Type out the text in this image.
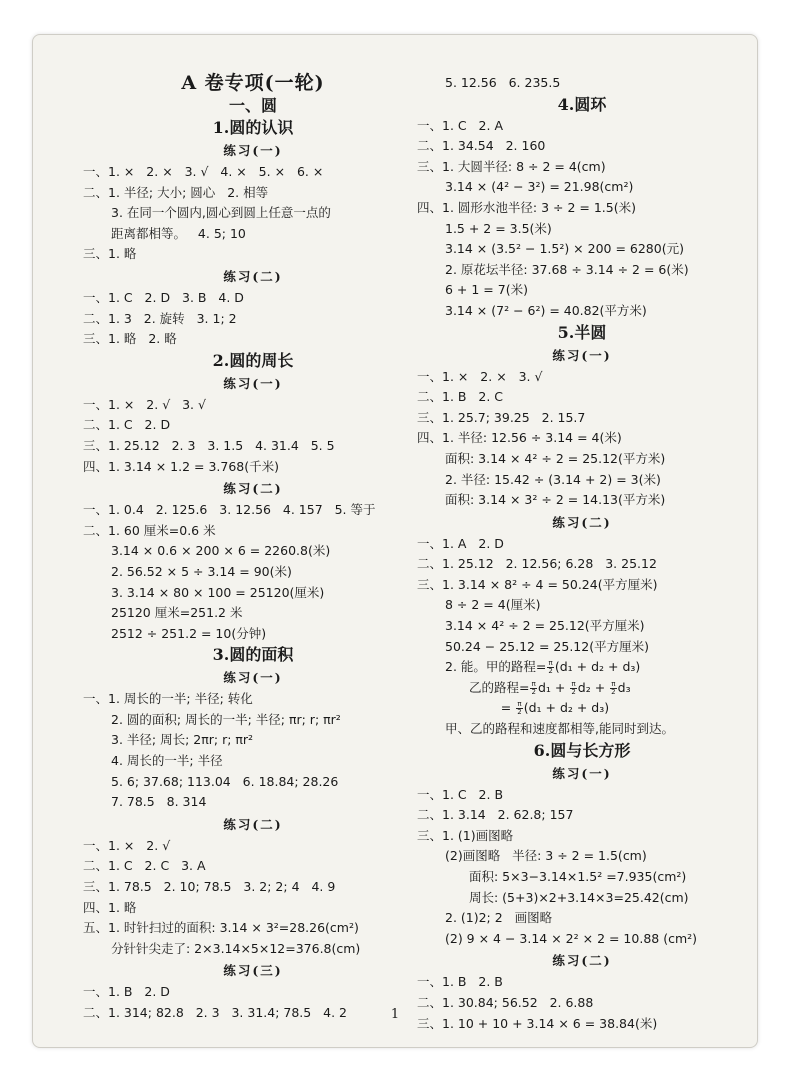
A 卷专项(一轮)
一、圆
1.圆的认识
练习(一)
一、1. ×   2. ×   3. √   4. ×   5. ×   6. ×
二、1. 半径; 大小; 圆心   2. 相等
3. 在同一个圆内,圆心到圆上任意一点的
距离都相等。   4. 5; 10
三、1. 略
练习(二)
一、1. C   2. D   3. B   4. D
二、1. 3   2. 旋转   3. 1; 2
三、1. 略   2. 略
2.圆的周长
练习(一)
一、1. ×   2. √   3. √
二、1. C   2. D
三、1. 25.12   2. 3   3. 1.5   4. 31.4   5. 5
四、1. 3.14 × 1.2 = 3.768(千米)
练习(二)
一、1. 0.4   2. 125.6   3. 12.56   4. 157   5. 等于
二、1. 60 厘米=0.6 米
3.14 × 0.6 × 200 × 6 = 2260.8(米)
2. 56.52 × 5 ÷ 3.14 = 90(米)
3. 3.14 × 80 × 100 = 25120(厘米)
25120 厘米=251.2 米
2512 ÷ 251.2 = 10(分钟)
3.圆的面积
练习(一)
一、1. 周长的一半; 半径; 转化
2. 圆的面积; 周长的一半; 半径; πr; r; πr²
3. 半径; 周长; 2πr; r; πr²
4. 周长的一半; 半径
5. 6; 37.68; 113.04   6. 18.84; 28.26
7. 78.5   8. 314
练习(二)
一、1. ×   2. √
二、1. C   2. C   3. A
三、1. 78.5   2. 10; 78.5   3. 2; 2; 4   4. 9
四、1. 略
五、1. 时针扫过的面积: 3.14 × 3²=28.26(cm²)
分针针尖走了: 2×3.14×5×12=376.8(cm)
练习(三)
一、1. B   2. D
二、1. 314; 82.8   2. 3   3. 31.4; 78.5   4. 2
5. 12.56   6. 235.5
4.圆环
一、1. C   2. A
二、1. 34.54   2. 160
三、1. 大圆半径: 8 ÷ 2 = 4(cm)
3.14 × (4² − 3²) = 21.98(cm²)
四、1. 圆形水池半径: 3 ÷ 2 = 1.5(米)
1.5 + 2 = 3.5(米)
3.14 × (3.5² − 1.5²) × 200 = 6280(元)
2. 原花坛半径: 37.68 ÷ 3.14 ÷ 2 = 6(米)
6 + 1 = 7(米)
3.14 × (7² − 6²) = 40.82(平方米)
5.半圆
练习(一)
一、1. ×   2. ×   3. √
二、1. B   2. C
三、1. 25.7; 39.25   2. 15.7
四、1. 半径: 12.56 ÷ 3.14 = 4(米)
面积: 3.14 × 4² ÷ 2 = 25.12(平方米)
2. 半径: 15.42 ÷ (3.14 + 2) = 3(米)
面积: 3.14 × 3² ÷ 2 = 14.13(平方米)
练习(二)
一、1. A   2. D
二、1. 25.12   2. 12.56; 6.28   3. 25.12
三、1. 3.14 × 8² ÷ 4 = 50.24(平方厘米)
8 ÷ 2 = 4(厘米)
3.14 × 4² ÷ 2 = 25.12(平方厘米)
50.24 − 25.12 = 25.12(平方厘米)
2. 能。甲的路程= $\frac{\pi}{2} (d_1 + d_2 + d_3)$
乙的路程= $\frac{\pi}{2} d_1 + \frac{\pi}{2} d_2 + \frac{\pi}{2} d_3$
= $\frac{\pi}{2} (d_1 + d_2 + d_3)$
甲、乙的路程和速度都相等,能同时到达。
6.圆与长方形
练习(一)
一、1. C   2. B
二、1. 3.14   2. 62.8; 157
三、1. (1)画图略
(2)画图略   半径: 3 ÷ 2 = 1.5(cm)
面积: 5×3−3.14×1.5² =7.935(cm²)
周长: (5+3)×2+3.14×3=25.42(cm)
2. (1)2; 2   画图略
(2) 9 × 4 − 3.14 × 2² × 2 = 10.88 (cm²)
练习(二)
一、1. B   2. B
二、1. 30.84; 56.52   2. 6.88
三、1. 10 + 10 + 3.14 × 6 = 38.84(米)
1
